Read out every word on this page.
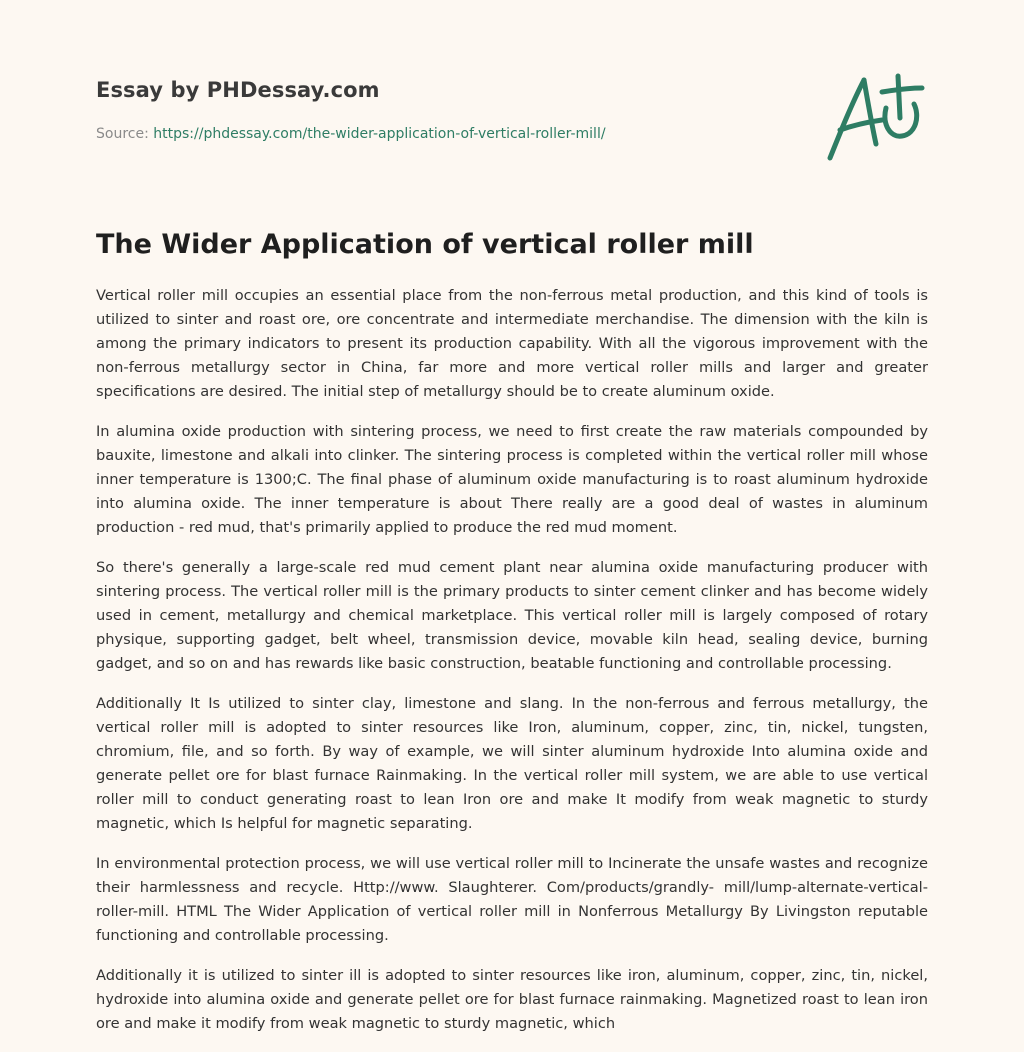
Essay by PHDessay.com
Source: https://phdessay.com/the-wider-application-of-vertical-roller-mill/
The Wider Application of vertical roller mill

Vertical roller mill occupies an essential place from the non-ferrous metal production, and this kind of tools is utilized to sinter and roast ore, ore concentrate and intermediate merchandise. The dimension with the kiln is among the primary indicators to present its production capability. With all the vigorous improvement with the non-ferrous metallurgy sector in China, far more and more vertical roller mills and larger and greater specifications are desired. The initial step of metallurgy should be to create aluminum oxide.

In alumina oxide production with sintering process, we need to first create the raw materials compounded by bauxite, limestone and alkali into clinker. The sintering process is completed within the vertical roller mill whose inner temperature is 1300;C. The final phase of aluminum oxide manufacturing is to roast aluminum hydroxide into alumina oxide. The inner temperature is about There really are a good deal of wastes in aluminum production - red mud, that's primarily applied to produce the red mud moment.

So there's generally a large-scale red mud cement plant near alumina oxide manufacturing producer with sintering process. The vertical roller mill is the primary products to sinter cement clinker and has become widely used in cement, metallurgy and chemical marketplace. This vertical roller mill is largely composed of rotary physique, supporting gadget, belt wheel, transmission device, movable kiln head, sealing device, burning gadget, and so on and has rewards like basic construction, beatable functioning and controllable processing.

Additionally It Is utilized to sinter clay, limestone and slang. In the non-ferrous and ferrous metallurgy, the vertical roller mill is adopted to sinter resources like Iron, aluminum, copper, zinc, tin, nickel, tungsten, chromium, file, and so forth. By way of example, we will sinter aluminum hydroxide Into alumina oxide and generate pellet ore for blast furnace Rainmaking. In the vertical roller mill system, we are able to use vertical roller mill to conduct generating roast to lean Iron ore and make It modify from weak magnetic to sturdy magnetic, which Is helpful for magnetic separating.

In environmental protection process, we will use vertical roller mill to Incinerate the unsafe wastes and recognize their harmlessness and recycle. Http://www. Slaughterer. Com/products/grandly- mill/lump-alternate-vertical-roller-mill. HTML The Wider Application of vertical roller mill in Nonferrous Metallurgy By Livingston reputable functioning and controllable processing.

Additionally it is utilized to sinter ill is adopted to sinter resources like iron, aluminum, copper, zinc, tin, nickel, hydroxide into alumina oxide and generate pellet ore for blast furnace rainmaking. Magnetized roast to lean iron ore and make it modify from weak magnetic to sturdy magnetic, which
